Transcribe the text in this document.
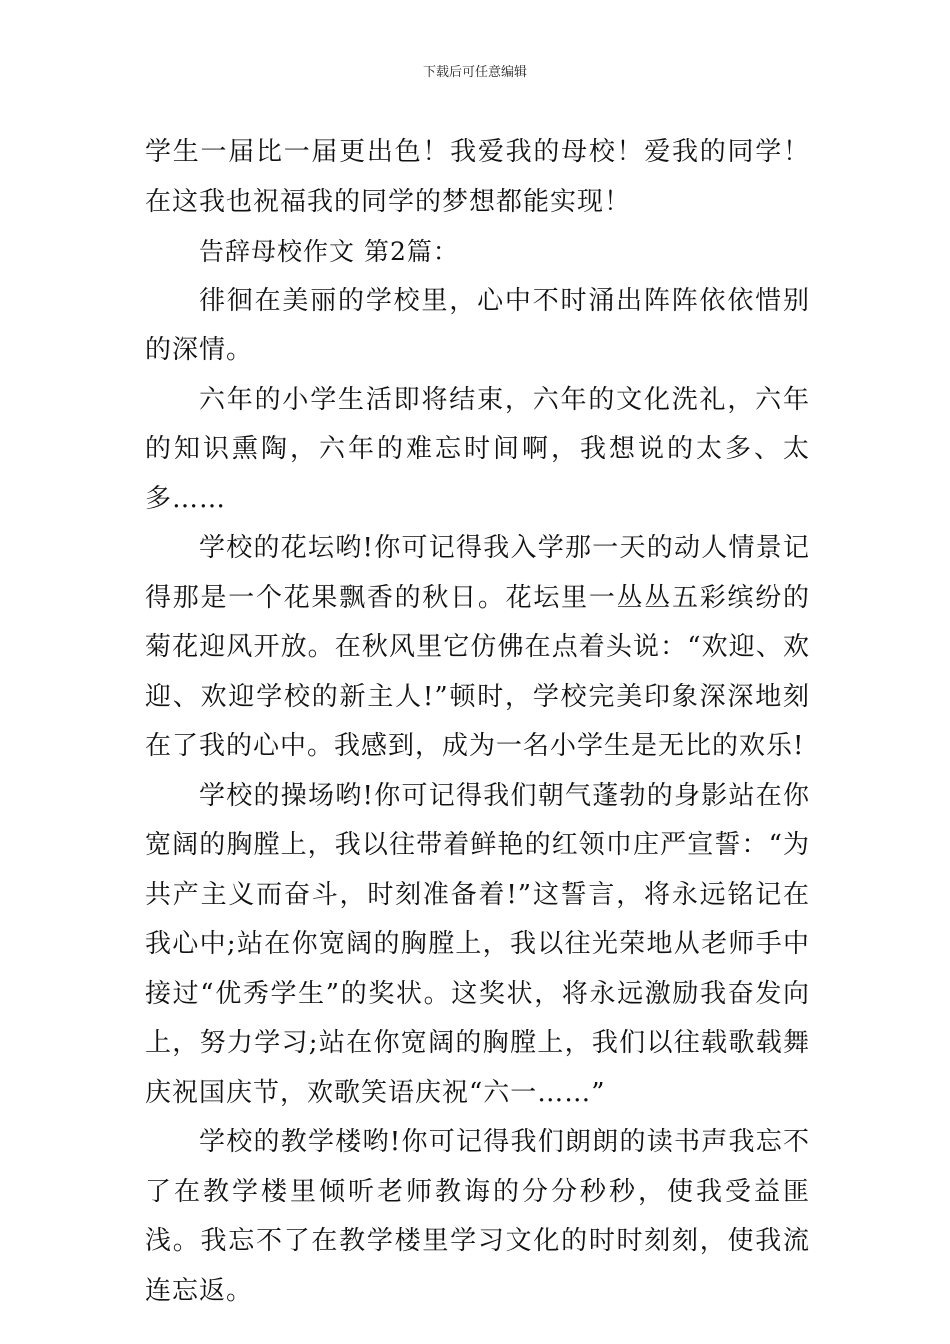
下载后可任意编辑

学生一届比一届更出色！我爱我的母校！爱我的同学！在这我也祝福我的同学的梦想都能实现！

告辞母校作文 第2篇：

徘徊在美丽的学校里，心中不时涌出阵阵依依惜别的深情。

六年的小学生活即将结束，六年的文化洗礼，六年的知识熏陶，六年的难忘时间啊，我想说的太多、太多……

学校的花坛哟!你可记得我入学那一天的动人情景记得那是一个花果飘香的秋日。花坛里一丛丛五彩缤纷的菊花迎风开放。在秋风里它仿佛在点着头说：“欢迎、欢迎、欢迎学校的新主人!”顿时，学校完美印象深深地刻在了我的心中。我感到，成为一名小学生是无比的欢乐!

学校的操场哟!你可记得我们朝气蓬勃的身影站在你宽阔的胸膛上，我以往带着鲜艳的红领巾庄严宣誓：“为共产主义而奋斗，时刻准备着!”这誓言，将永远铭记在我心中;站在你宽阔的胸膛上，我以往光荣地从老师手中接过“优秀学生”的奖状。这奖状，将永远激励我奋发向上，努力学习;站在你宽阔的胸膛上，我们以往载歌载舞庆祝国庆节，欢歌笑语庆祝“六一……”

学校的教学楼哟!你可记得我们朗朗的读书声我忘不了在教学楼里倾听老师教诲的分分秒秒，使我受益匪浅。我忘不了在教学楼里学习文化的时时刻刻，使我流连忘返。
